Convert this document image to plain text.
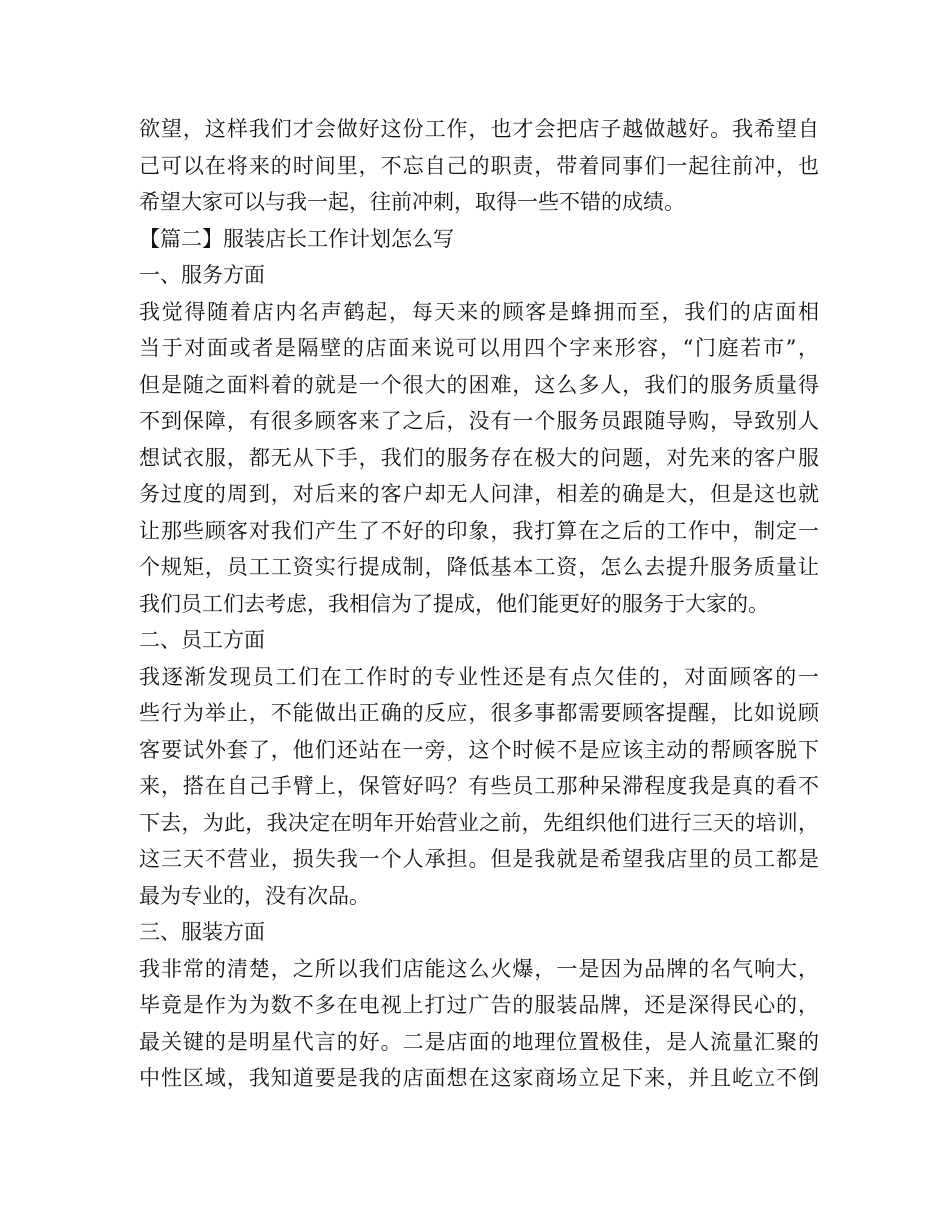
欲望，这样我们才会做好这份工作，也才会把店子越做越好。我希望自
己可以在将来的时间里，不忘自己的职责，带着同事们一起往前冲，也
希望大家可以与我一起，往前冲刺，取得一些不错的成绩。
【篇二】服装店长工作计划怎么写
一、服务方面
我觉得随着店内名声鹤起，每天来的顾客是蜂拥而至，我们的店面相
当于对面或者是隔壁的店面来说可以用四个字来形容，“门庭若市”，
但是随之面料着的就是一个很大的困难，这么多人，我们的服务质量得
不到保障，有很多顾客来了之后，没有一个服务员跟随导购，导致别人
想试衣服，都无从下手，我们的服务存在极大的问题，对先来的客户服
务过度的周到，对后来的客户却无人问津，相差的确是大，但是这也就
让那些顾客对我们产生了不好的印象，我打算在之后的工作中，制定一
个规矩，员工工资实行提成制，降低基本工资，怎么去提升服务质量让
我们员工们去考虑，我相信为了提成，他们能更好的服务于大家的。
二、员工方面
我逐渐发现员工们在工作时的专业性还是有点欠佳的，对面顾客的一
些行为举止，不能做出正确的反应，很多事都需要顾客提醒，比如说顾
客要试外套了，他们还站在一旁，这个时候不是应该主动的帮顾客脱下
来，搭在自己手臂上，保管好吗？有些员工那种呆滞程度我是真的看不
下去，为此，我决定在明年开始营业之前，先组织他们进行三天的培训，
这三天不营业，损失我一个人承担。但是我就是希望我店里的员工都是
最为专业的，没有次品。
三、服装方面
我非常的清楚，之所以我们店能这么火爆，一是因为品牌的名气响大，
毕竟是作为为数不多在电视上打过广告的服装品牌，还是深得民心的，
最关键的是明星代言的好。二是店面的地理位置极佳，是人流量汇聚的
中性区域，我知道要是我的店面想在这家商场立足下来，并且屹立不倒
